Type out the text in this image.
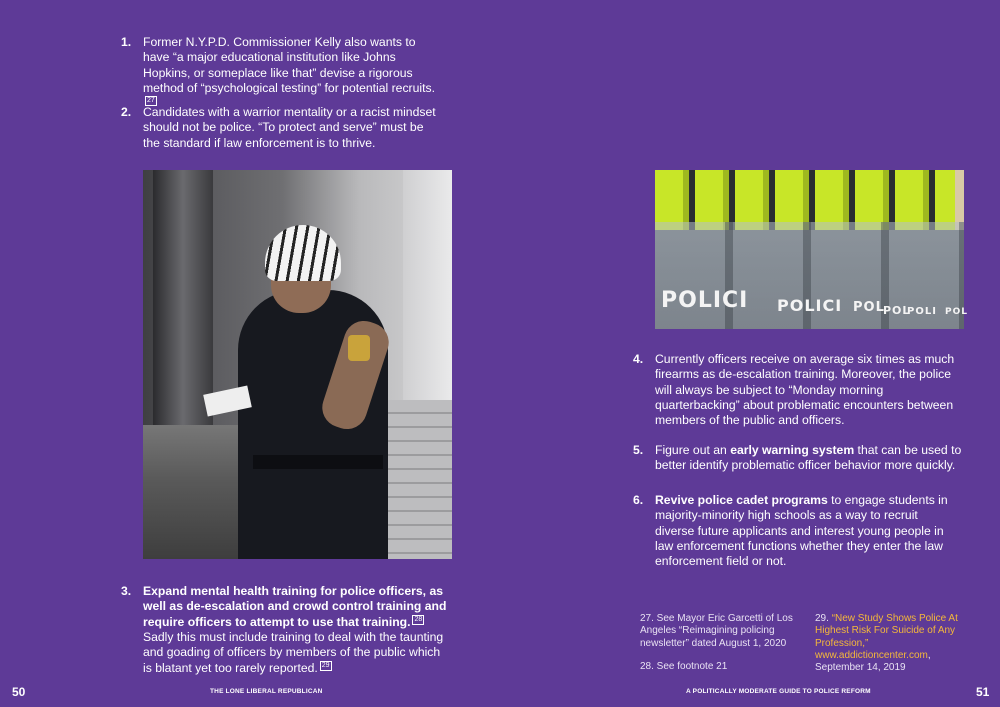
1. Former N.Y.P.D. Commissioner Kelly also wants to have “a major educational institution like Johns Hopkins, or someplace like that” devise a rigorous method of “psychological testing” for potential recruits.27
2. Candidates with a warrior mentality or a racist mindset should not be police. “To protect and serve” must be the standard if law enforcement is to thrive.
3. Expand mental health training for police officers, as well as de-escalation and crowd control training and require officers to attempt to use that training. 28 Sadly this must include training to deal with the taunting and goading of officers by members of the public which is blatant yet too rarely reported. 29
50	THE LONE LIBERAL REPUBLICAN
POLICI POLICI POL
POL
POLI POL
4. Currently officers receive on average six times as much firearms as de-escalation training. Moreover, the police will always be subject to “Monday morning quarterbacking” about problematic encounters between members of the public and officers.
5. Figure out an early warning system that can be used to better identify problematic officer behavior more quickly.
6. Revive police cadet programs to engage students in majority-minority high schools as a way to recruit diverse future applicants and interest young people in law enforcement functions whether they enter the law enforcement field or not.
27. See Mayor Eric Garcetti of Los Angeles “Reimagining policing newsletter” dated August 1, 2020
28. See footnote 21
29. “New Study Shows Police At Highest Risk For Suicide of Any Profession,” www.addictioncenter.com, September 14, 2019
A POLITICALLY MODERATE GUIDE TO POLICE REFORM	51
